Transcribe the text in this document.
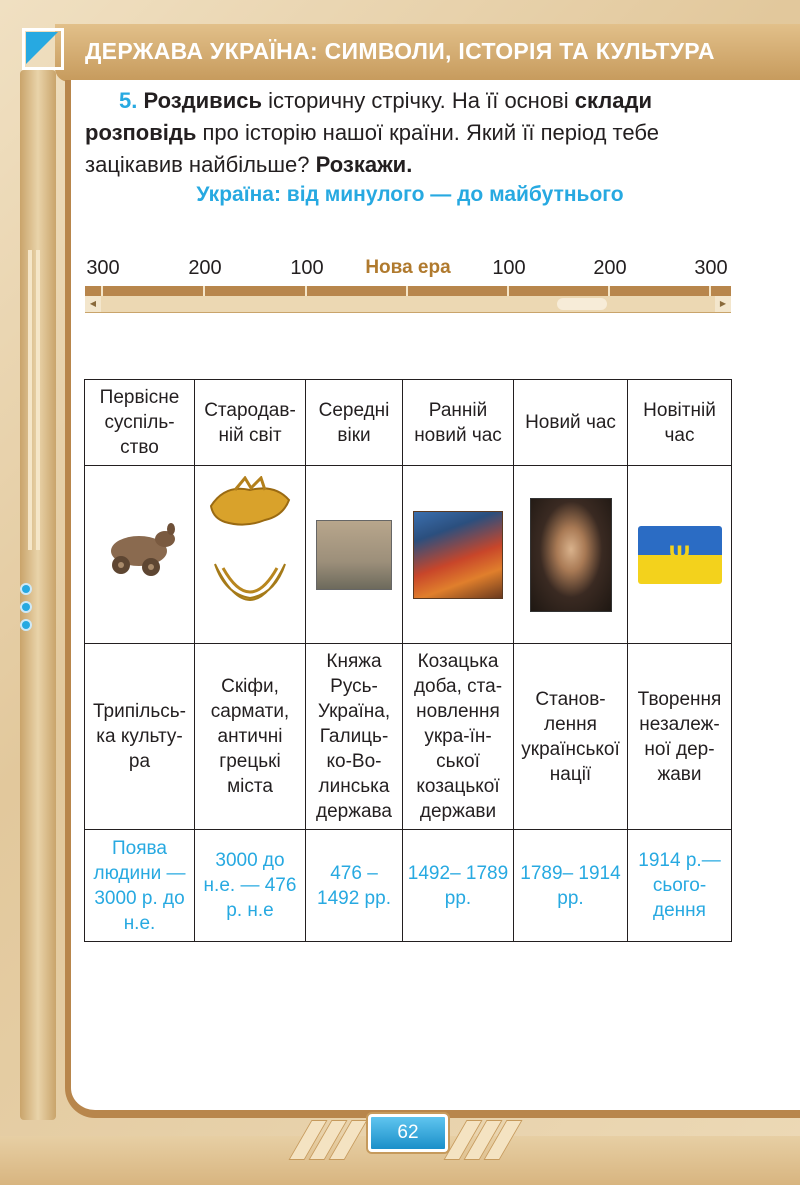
ДЕРЖАВА УКРАЇНА: СИМВОЛИ, ІСТОРІЯ ТА КУЛЬТУРА
5. Роздивись історичну стрічку. На її основі склади розповідь про історію нашої країни. Який її період тебе зацікавив найбільше? Розкажи.
Україна: від минулого — до майбутнього
300	200	100 Нова ера 100	200	300
◀	▶
Первісне суспіль-ство	Стародав-ній світ	Середні віки	Ранній новий час	Новий час	Новітній час

Ψ

Трипільсь-ка культу-ра	Скіфи, сармати, античні грецькі міста	Княжа Русь-Україна, Галиць-ко-Во-линська держава	Козацька доба, ста-новлення укра-їн-ської козацької держави	Станов-лення української нації	Творення незалеж-ної дер-жави
Поява людини — 3000 р. до н.е.	3000 до н.е. — 476 р. н.е	476 – 1492 рр.	1492– 1789 рр.	1789– 1914 рр.	1914 р.— сього-дення
62
